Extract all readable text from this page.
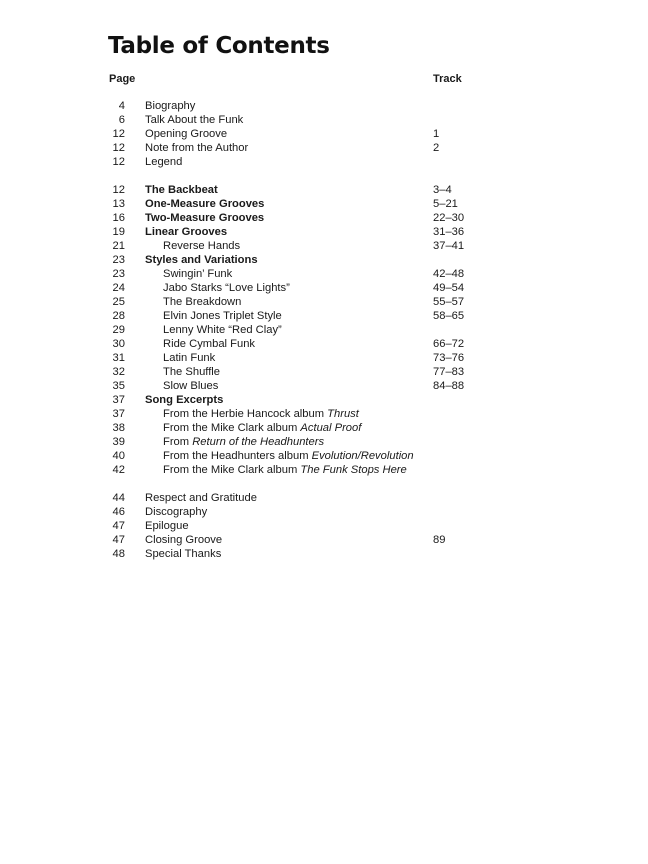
Table of Contents
Page	Track
4 Biography
6 Talk About the Funk
12 Opening Groove	1
12 Note from the Author	2
12 Legend
12 The Backbeat	3–4
13 One-Measure Grooves	5–21
16 Two-Measure Grooves	22–30
19 Linear Grooves	31–36
21	Reverse Hands	37–41
23 Styles and Variations
23	Swingin’ Funk	42–48
24	Jabo Starks “Love Lights”	49–54
25	The Breakdown	55–57
28	Elvin Jones Triplet Style	58–65
29	Lenny White “Red Clay”
30	Ride Cymbal Funk	66–72
31	Latin Funk	73–76
32	The Shuffle	77–83
35	Slow Blues	84–88
37 Song Excerpts
37	From the Herbie Hancock album Thrust
38	From the Mike Clark album Actual Proof
39	From Return of the Headhunters
40	From the Headhunters album Evolution/Revolution
42	From the Mike Clark album The Funk Stops Here
44 Respect and Gratitude
46 Discography
47 Epilogue
47 Closing Groove	89
48 Special Thanks
